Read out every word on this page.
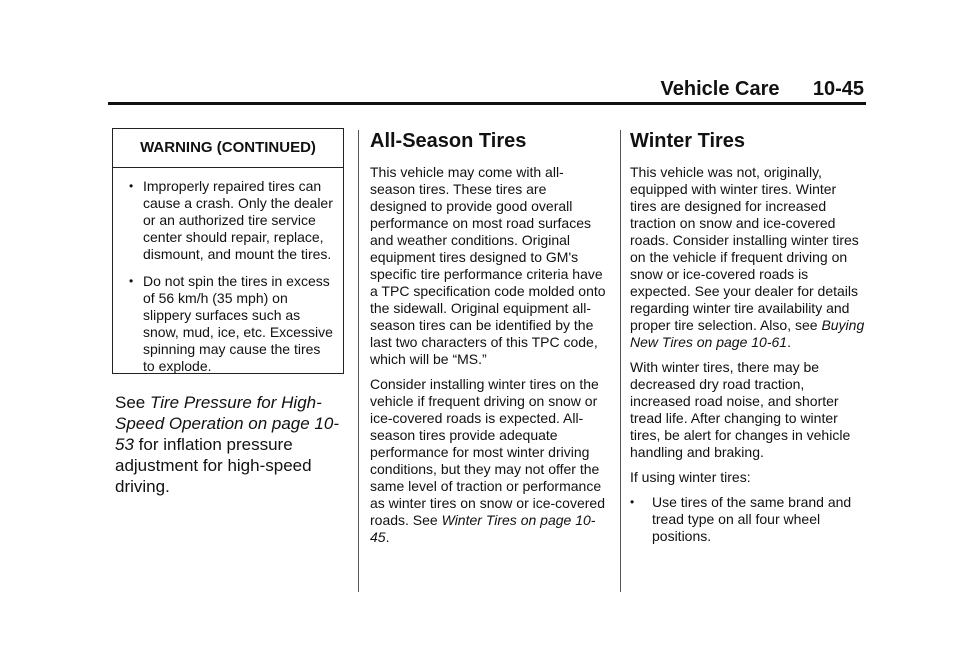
Vehicle Care 10-45
WARNING (CONTINUED)
• Improperly repaired tires can cause a crash. Only the dealer or an authorized tire service center should repair, replace, dismount, and mount the tires.
• Do not spin the tires in excess of 56 km/h (35 mph) on slippery surfaces such as snow, mud, ice, etc. Excessive spinning may cause the tires to explode.
See Tire Pressure for High-Speed Operation on page 10-53 for inflation pressure adjustment for high-speed driving.
All-Season Tires

This vehicle may come with all-season tires. These tires are designed to provide good overall performance on most road surfaces and weather conditions. Original equipment tires designed to GM's specific tire performance criteria have a TPC specification code molded onto the sidewall. Original equipment all-season tires can be identified by the last two characters of this TPC code, which will be “MS.”

Consider installing winter tires on the vehicle if frequent driving on snow or ice-covered roads is expected. All-season tires provide adequate performance for most winter driving conditions, but they may not offer the same level of traction or performance as winter tires on snow or ice-covered roads. See Winter Tires on page 10-45.

Winter Tires

This vehicle was not, originally, equipped with winter tires. Winter tires are designed for increased traction on snow and ice-covered roads. Consider installing winter tires on the vehicle if frequent driving on snow or ice-covered roads is expected. See your dealer for details regarding winter tire availability and proper tire selection. Also, see Buying New Tires on page 10-61.

With winter tires, there may be decreased dry road traction, increased road noise, and shorter tread life. After changing to winter tires, be alert for changes in vehicle handling and braking.

If using winter tires:

• Use tires of the same brand and tread type on all four wheel positions.
